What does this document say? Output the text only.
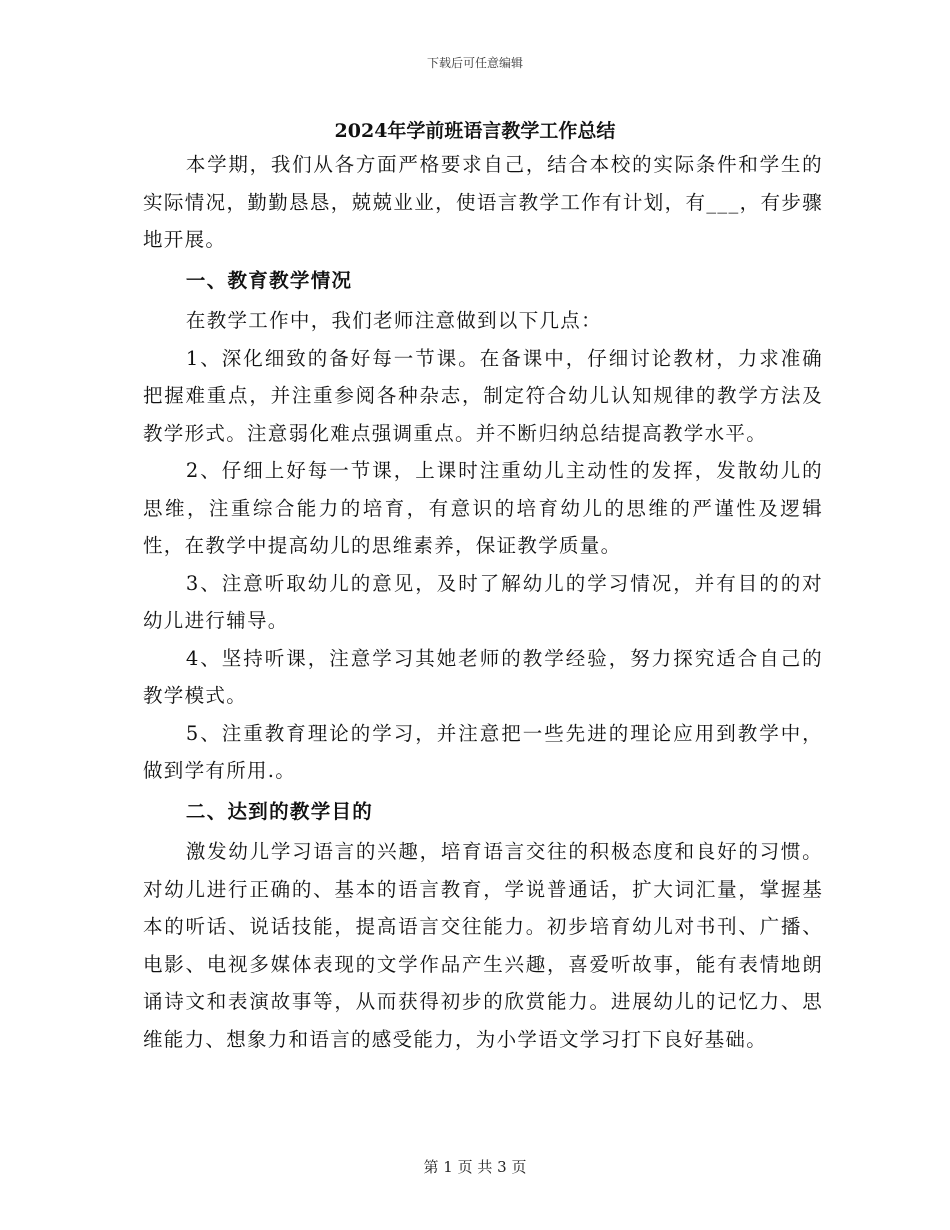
下载后可任意编辑
2024年学前班语言教学工作总结

本学期，我们从各方面严格要求自己，结合本校的实际条件和学生的实际情况，勤勤恳恳，兢兢业业，使语言教学工作有计划，有___，有步骤地开展。

一、教育教学情况

在教学工作中，我们老师注意做到以下几点：

1、深化细致的备好每一节课。在备课中，仔细讨论教材，力求准确把握难重点，并注重参阅各种杂志，制定符合幼儿认知规律的教学方法及教学形式。注意弱化难点强调重点。并不断归纳总结提高教学水平。

2、仔细上好每一节课，上课时注重幼儿主动性的发挥，发散幼儿的思维，注重综合能力的培育，有意识的培育幼儿的思维的严谨性及逻辑性，在教学中提高幼儿的思维素养，保证教学质量。

3、注意听取幼儿的意见，及时了解幼儿的学习情况，并有目的的对幼儿进行辅导。

4、坚持听课，注意学习其她老师的教学经验，努力探究适合自己的教学模式。

5、注重教育理论的学习，并注意把一些先进的理论应用到教学中，做到学有所用.。

二、达到的教学目的

激发幼儿学习语言的兴趣，培育语言交往的积极态度和良好的习惯。对幼儿进行正确的、基本的语言教育，学说普通话，扩大词汇量，掌握基本的听话、说话技能，提高语言交往能力。初步培育幼儿对书刊、广播、电影、电视多媒体表现的文学作品产生兴趣，喜爱听故事，能有表情地朗诵诗文和表演故事等，从而获得初步的欣赏能力。进展幼儿的记忆力、思维能力、想象力和语言的感受能力，为小学语文学习打下良好基础。

第 1 页 共 3 页
